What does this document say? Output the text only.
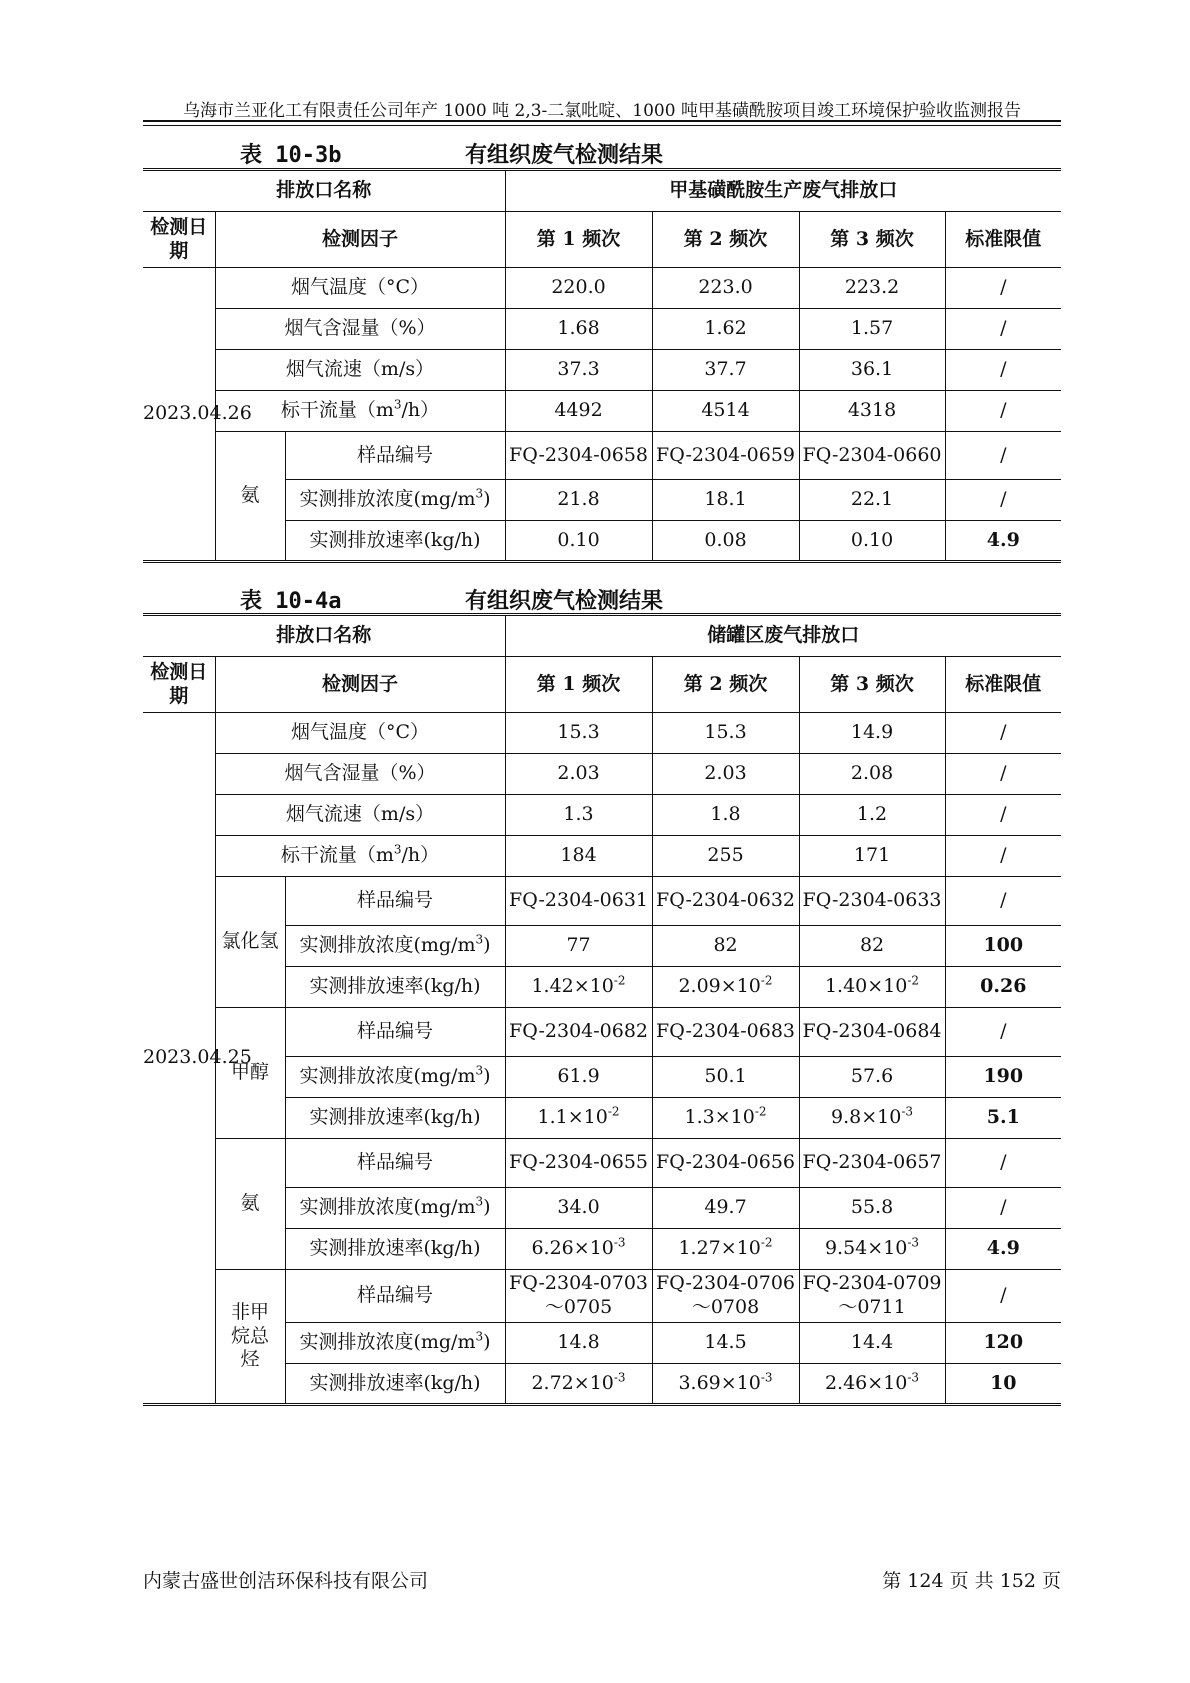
乌海市兰亚化工有限责任公司年产 1000 吨 2,3-二氯吡啶、1000 吨甲基磺酰胺项目竣工环境保护验收监测报告
表 10-3b	有组织废气检测结果
排放口名称			甲基磺酰胺生产废气排放口			
检测日期	检测因子		第 1 频次	第 2 频次	第 3 频次	标准限值
2023.04.26	烟气温度（°C）		220.0	223.0	223.2	/
	烟气含湿量（%）		1.68	1.62	1.57	/
	烟气流速（m/s）		37.3	37.7	36.1	/
	标干流量$(m^3/h)$		4492	4514	4318	/
	氨	样品编号	FQ-2304-0658	FQ-2304-0659	FQ-2304-0660	/
		实测排放浓度$(mg/m^3)$	21.8	18.1	22.1	/
		实测排放速率(kg/h)	0.10	0.08	0.10	4.9
表 10-4a	有组织废气检测结果
排放口名称			储罐区废气排放口			
检测日期	检测因子		第 1 频次	第 2 频次	第 3 频次	标准限值
2023.04.25	烟气温度（°C）		15.3	15.3	14.9	/
	烟气含湿量（%）		2.03	2.03	2.08	/
	烟气流速（m/s）		1.3	1.8	1.2	/
	标干流量$(m^3/h)$		184	255	171	/
	氯化氢	样品编号	FQ-2304-0631	FQ-2304-0632	FQ-2304-0633	/
		实测排放浓度$(mg/m^3)$	77	82	82	100
		实测排放速率(kg/h)	$1.42\times 10^{-2}$	$2.09\times 10^{-2}$	$1.40\times 10^{-2}$	0.26
	甲醇	样品编号	FQ-2304-0682	FQ-2304-0683	FQ-2304-0684	/
		实测排放浓度$(mg/m^3)$	61.9	50.1	57.6	190
		实测排放速率(kg/h)	$1.1\times 10^{-2}$	$1.3\times 10^{-2}$	$9.8\times 10^{-3}$	5.1
	氨	样品编号	FQ-2304-0655	FQ-2304-0656	FQ-2304-0657	/
		实测排放浓度$(mg/m^3)$	34.0	49.7	55.8	/
		实测排放速率(kg/h)	$6.26\times 10^{-3}$	$1.27\times 10^{-2}$	$9.54\times 10^{-3}$	4.9
	非甲烷总烃	样品编号	FQ-2304-0703～0705	FQ-2304-0706～0708	FQ-2304-0709～0711	/
		实测排放浓度$(mg/m^3)$	14.8	14.5	14.4	120
		实测排放速率(kg/h)	$2.72\times 10^{-3}$	$3.69\times 10^{-3}$	$2.46\times 10^{-3}$	10
内蒙古盛世创洁环保科技有限公司	第 124 页 共 152 页
